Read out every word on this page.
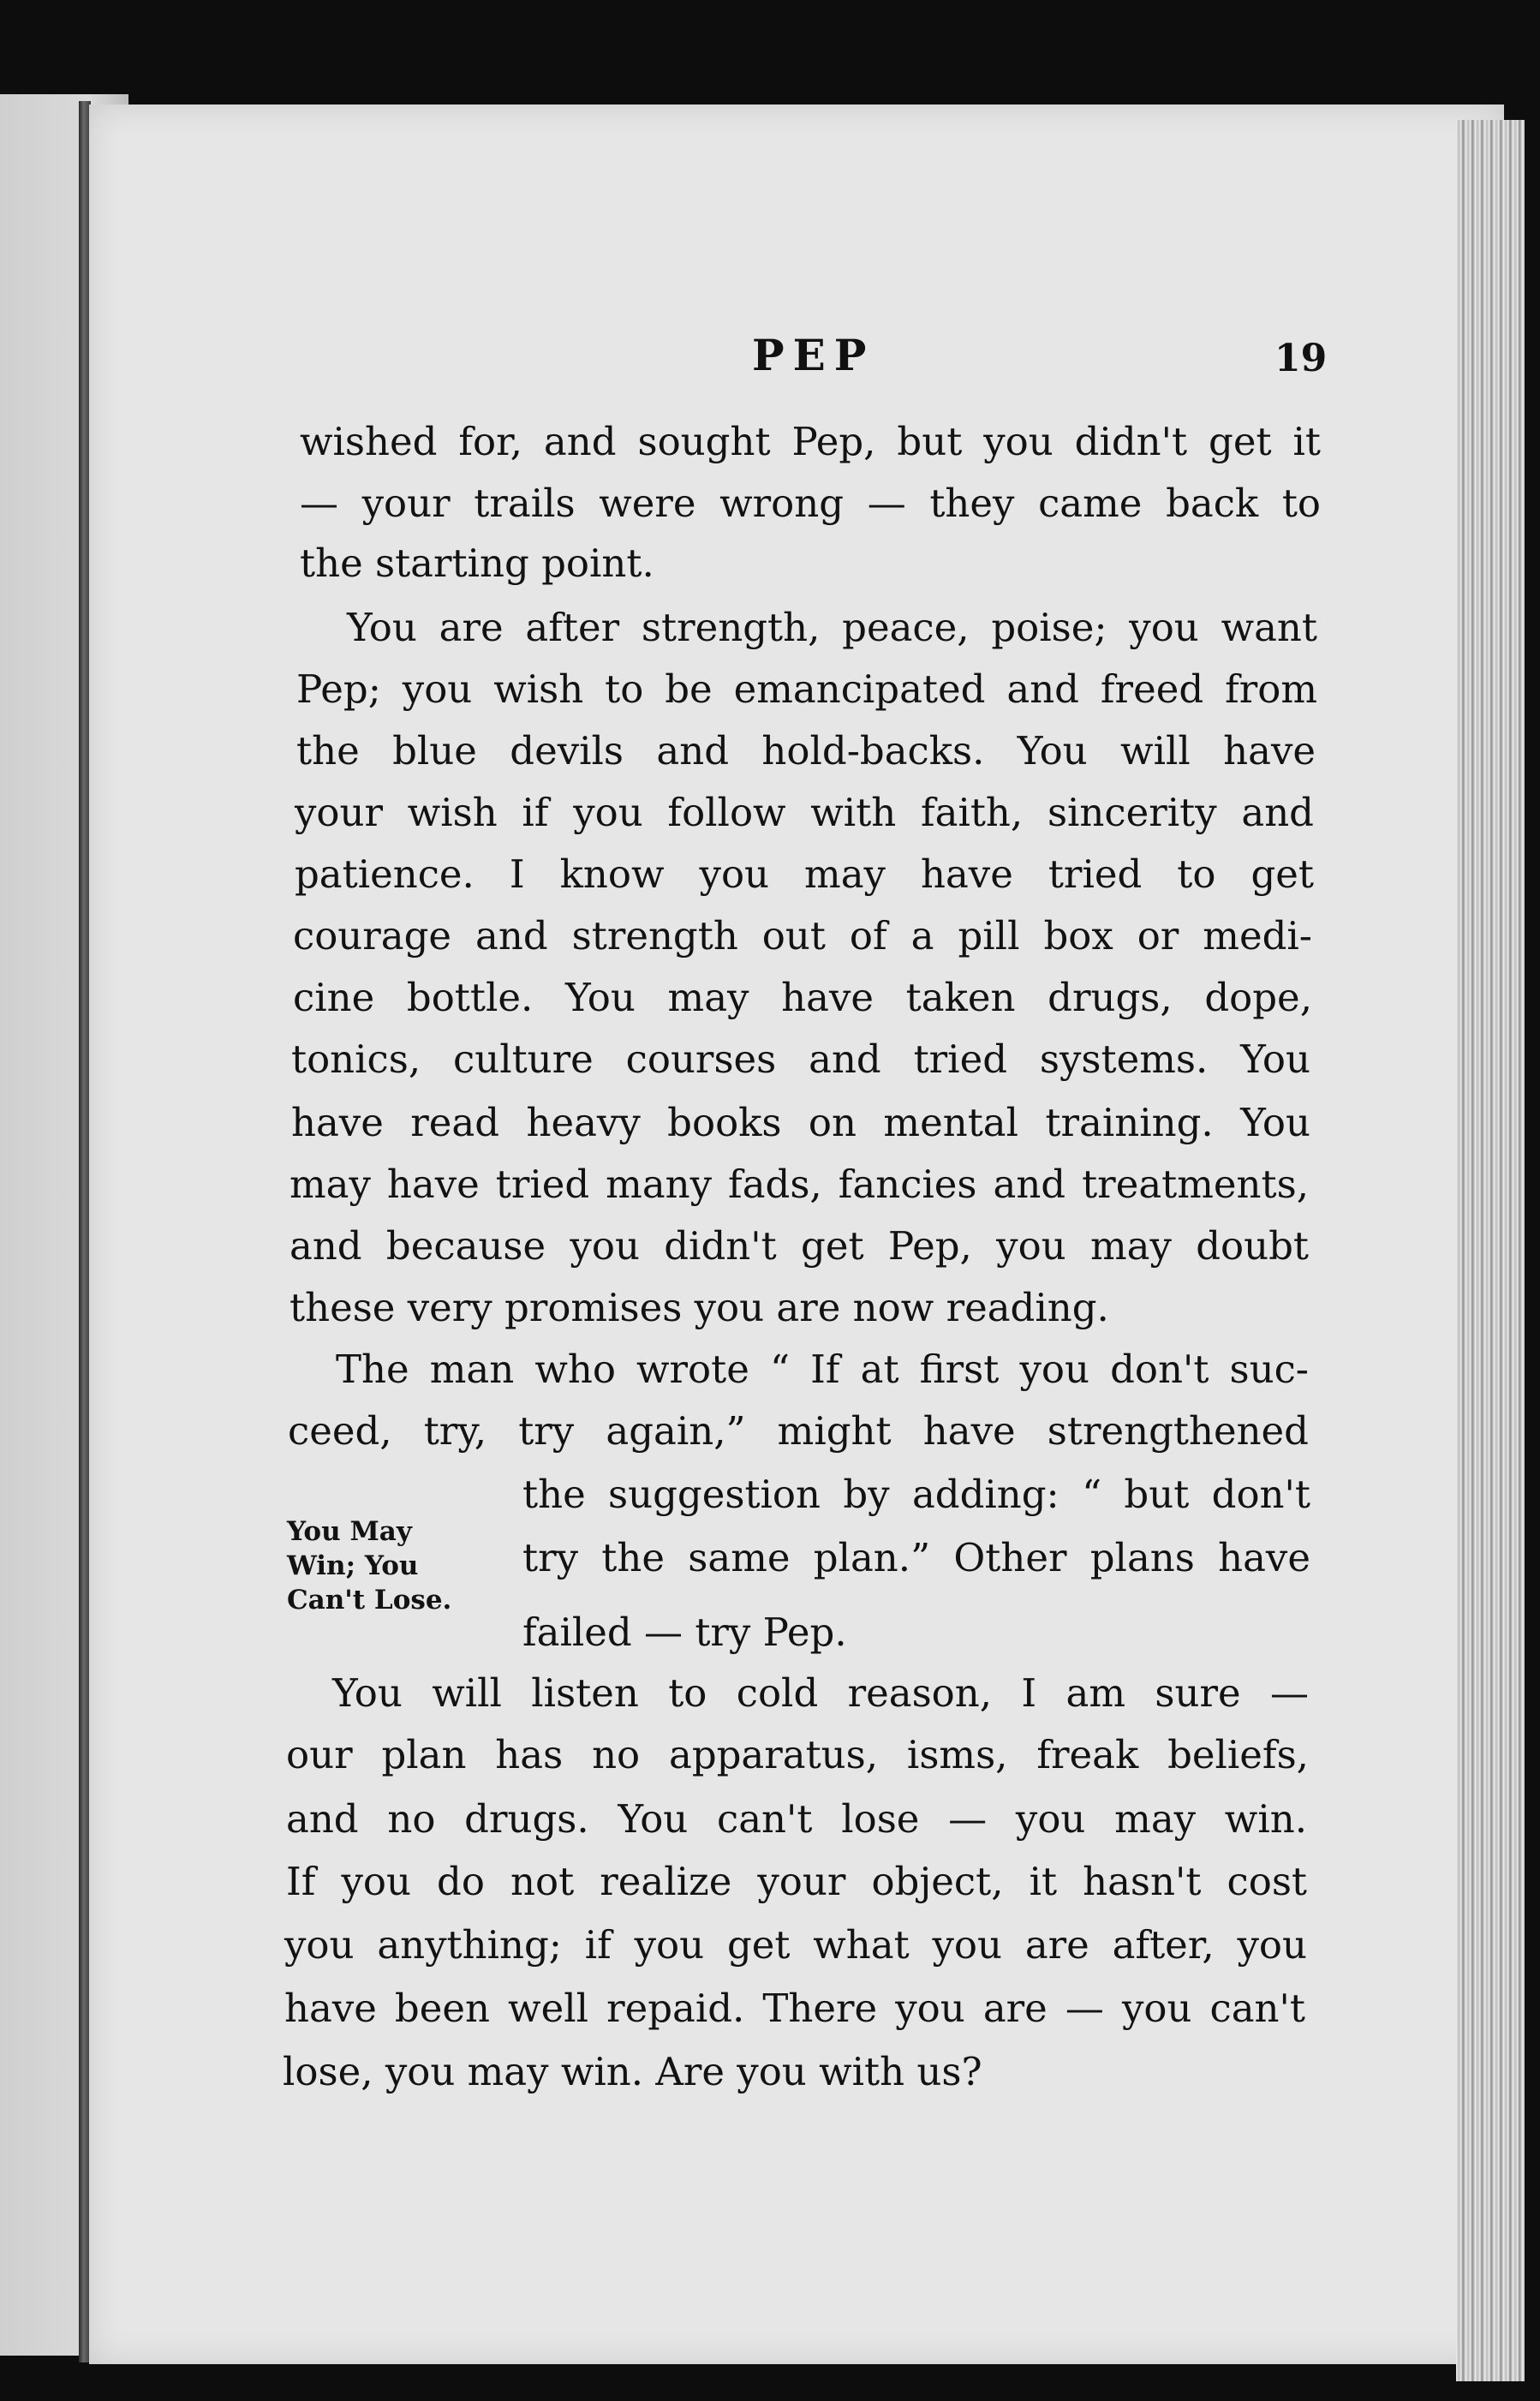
PEP	19
wished for, and sought Pep, but you didn't get it
— your trails were wrong — they came back to
the starting point.
You are after strength, peace, poise; you want
Pep; you wish to be emancipated and freed from
the blue devils and hold-backs. You will have
your wish if you follow with faith, sincerity and
patience. I know you may have tried to get
courage and strength out of a pill box or medi-
cine bottle. You may have taken drugs, dope,
tonics, culture courses and tried systems. You
have read heavy books on mental training. You
may have tried many fads, fancies and treatments,
and because you didn't get Pep, you may doubt
these very promises you are now reading.
The man who wrote “ If at first you don't suc-
ceed, try, try again,” might have strengthened
the suggestion by adding: “ but don't
try the same plan.” Other plans have
failed — try Pep.
You will listen to cold reason, I am sure —
our plan has no apparatus, isms, freak beliefs,
and no drugs. You can't lose — you may win.
If you do not realize your object, it hasn't cost
you anything; if you get what you are after, you
have been well repaid. There you are — you can't
lose, you may win. Are you with us?
You May
Win; You
Can't Lose.
